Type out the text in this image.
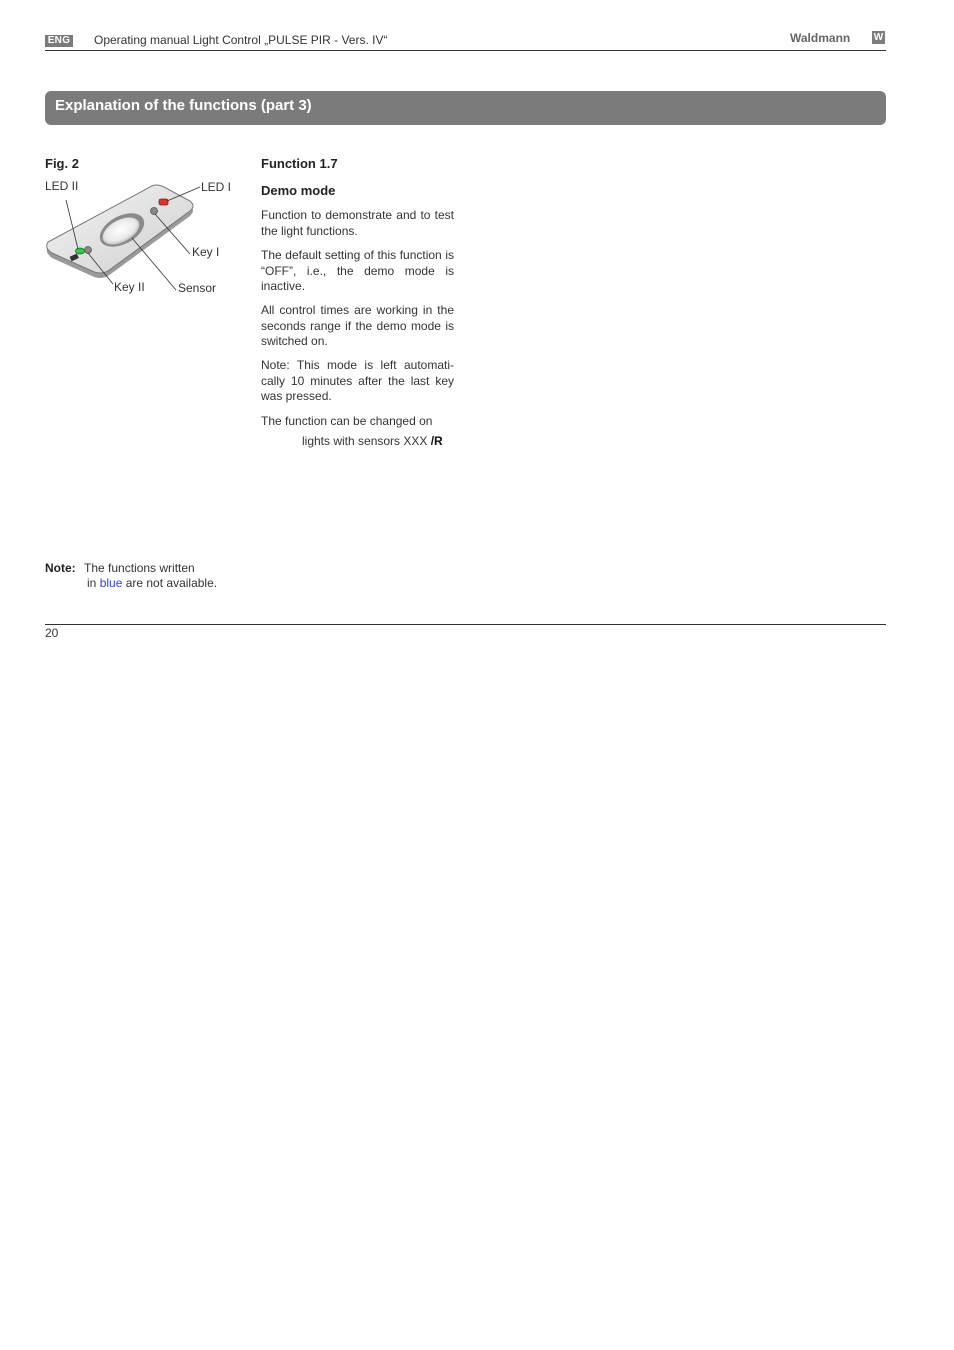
ENG Operating manual Light Control „PULSE PIR - Vers. IV“	Waldmann W
Explanation of the functions (part 3)
Fig. 2
LED II	LED I
Key I
Key II	Sensor
Function 1.7
Demo mode
Function to demonstrate and to test the light functions.
The default setting of this function is “OFF”, i.e., the demo mode is inactive.
All control times are working in the seconds range if the demo mode is switched on.
Note: This mode is left automati-cally 10 minutes after the last key was pressed.
The function can be changed on
lights with sensors XXX /R
Note: The functions written
in blue are not available.
20
